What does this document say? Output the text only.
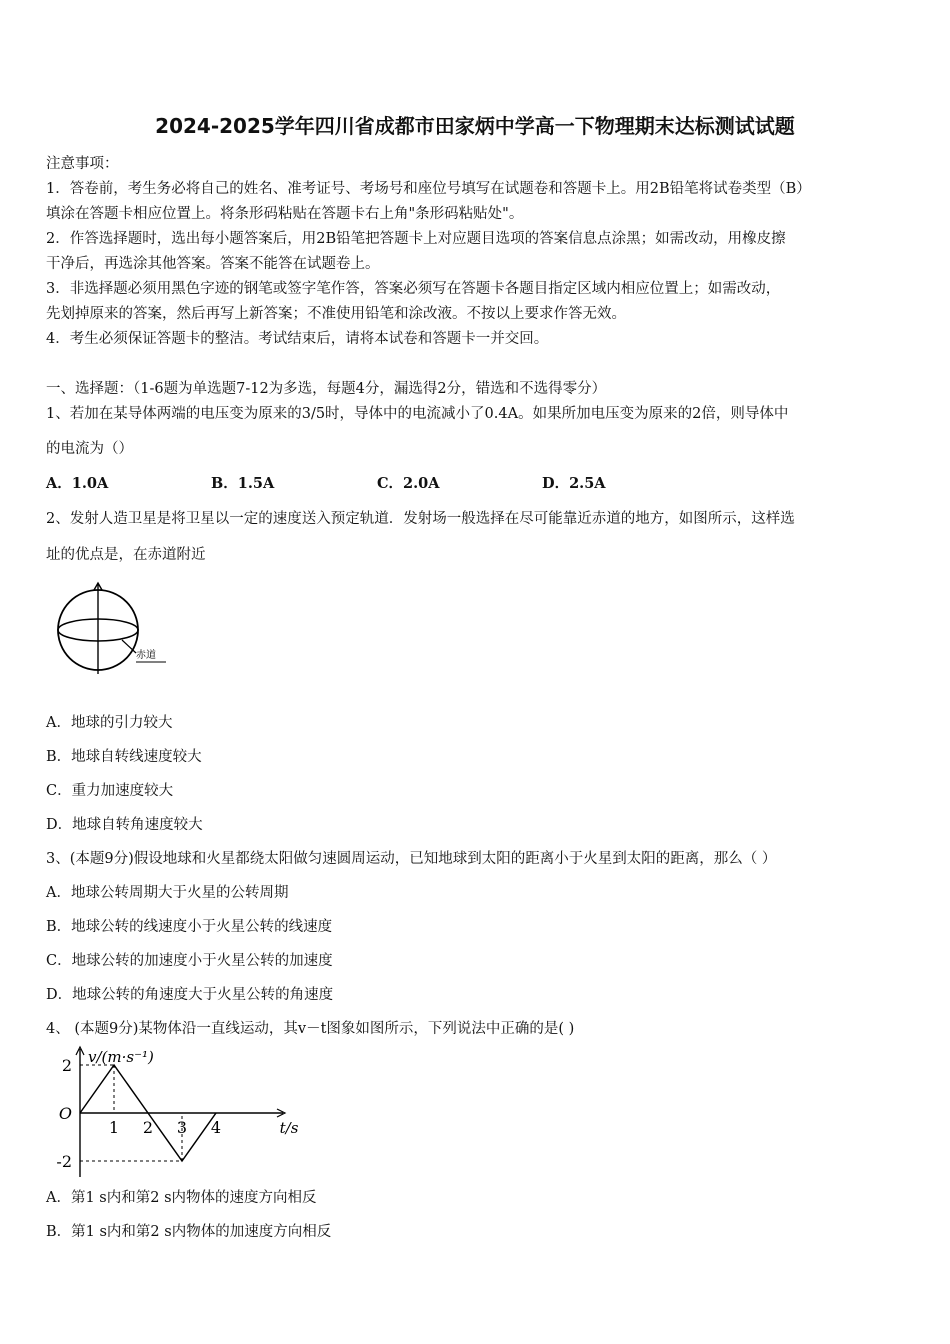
2024-2025学年四川省成都市田家炳中学高一下物理期末达标测试试题
注意事项：
1．答卷前，考生务必将自己的姓名、准考证号、考场号和座位号填写在试题卷和答题卡上。用2B铅笔将试卷类型（B）
填涂在答题卡相应位置上。将条形码粘贴在答题卡右上角"条形码粘贴处"。
2．作答选择题时，选出每小题答案后，用2B铅笔把答题卡上对应题目选项的答案信息点涂黑；如需改动，用橡皮擦
干净后，再选涂其他答案。答案不能答在试题卷上。
3．非选择题必须用黑色字迹的钢笔或签字笔作答，答案必须写在答题卡各题目指定区域内相应位置上；如需改动，
先划掉原来的答案，然后再写上新答案；不准使用铅笔和涂改液。不按以上要求作答无效。
4．考生必须保证答题卡的整洁。考试结束后，请将本试卷和答题卡一并交回。
一、选择题：（1-6题为单选题7-12为多选，每题4分，漏选得2分，错选和不选得零分）
1、若加在某导体两端的电压变为原来的3/5时，导体中的电流减小了0.4A。如果所加电压变为原来的2倍，则导体中
的电流为（）
A．1.0A	B．1.5A	C．2.0A	D．2.5A
2、发射人造卫星是将卫星以一定的速度送入预定轨道．发射场一般选择在尽可能靠近赤道的地方，如图所示，这样选
址的优点是，在赤道附近
赤道
A．地球的引力较大
B．地球自转线速度较大
C．重力加速度较大
D．地球自转角速度较大
3、(本题9分)假设地球和火星都绕太阳做匀速圆周运动，已知地球到太阳的距离小于火星到太阳的距离，那么（ ）
A．地球公转周期大于火星的公转周期
B．地球公转的线速度小于火星公转的线速度
C．地球公转的加速度小于火星公转的加速度
D．地球公转的角速度大于火星公转的角速度
4、 (本题9分)某物体沿一直线运动，其v－t图象如图所示，下列说法中正确的是( )
2
O
-2
1 2 3 4
v/(m·s⁻¹)
t/s
A．第1 s内和第2 s内物体的速度方向相反
B．第1 s内和第2 s内物体的加速度方向相反
